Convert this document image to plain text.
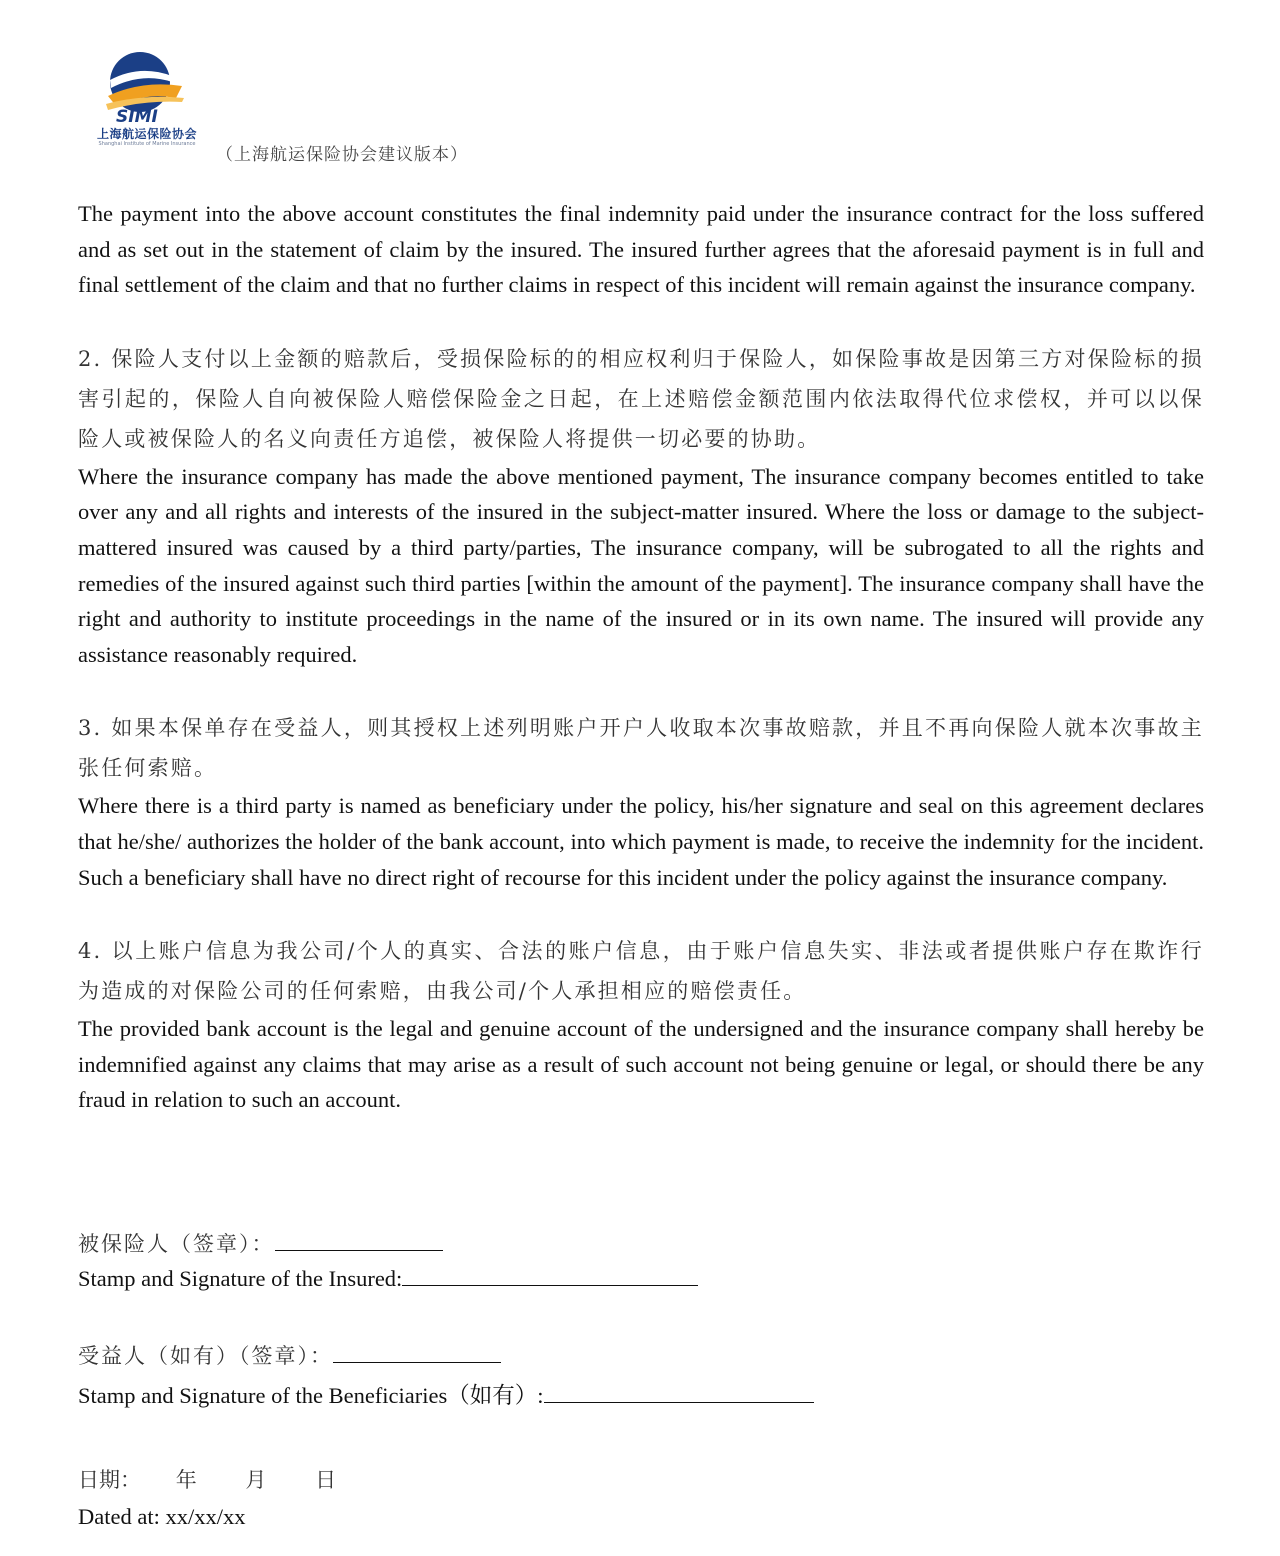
SIMI
上海航运保险协会
Shanghai Institute of Marine Insurance
（上海航运保险协会建议版本）

The payment into the above account constitutes the final indemnity paid under the insurance contract for the loss suffered and as set out in the statement of claim by the insured. The insured further agrees that the aforesaid payment is in full and final settlement of the claim and that no further claims in respect of this incident will remain against the insurance company.

2. 保险人支付以上金额的赔款后，受损保险标的的相应权利归于保险人，如保险事故是因第三方对保险标的损害引起的，保险人自向被保险人赔偿保险金之日起，在上述赔偿金额范围内依法取得代位求偿权，并可以以保险人或被保险人的名义向责任方追偿，被保险人将提供一切必要的协助。

Where the insurance company has made the above mentioned payment, The insurance company becomes entitled to take over any and all rights and interests of the insured in the subject-matter insured. Where the loss or damage to the subject-mattered insured was caused by a third party/parties, The insurance company, will be subrogated to all the rights and remedies of the insured against such third parties [within the amount of the payment]. The insurance company shall have the right and authority to institute proceedings in the name of the insured or in its own name. The insured will provide any assistance reasonably required.

3. 如果本保单存在受益人，则其授权上述列明账户开户人收取本次事故赔款，并且不再向保险人就本次事故主张任何索赔。

Where there is a third party is named as beneficiary under the policy, his/her signature and seal on this agreement declares that he/she/ authorizes the holder of the bank account, into which payment is made, to receive the indemnity for the incident. Such a beneficiary shall have no direct right of recourse for this incident under the policy against the insurance company.

4. 以上账户信息为我公司/个人的真实、合法的账户信息，由于账户信息失实、非法或者提供账户存在欺诈行为造成的对保险公司的任何索赔，由我公司/个人承担相应的赔偿责任。

The provided bank account is the legal and genuine account of the undersigned and the insurance company shall hereby be indemnified against any claims that may arise as a result of such account not being genuine or legal, or should there be any fraud in relation to such an account.

被保险人（签章）：
Stamp and Signature of the Insured:
受益人（如有）（签章）：
Stamp and Signature of the Beneficiaries（如有）:
日期： 年 月 日
Dated at: xx/xx/xx
